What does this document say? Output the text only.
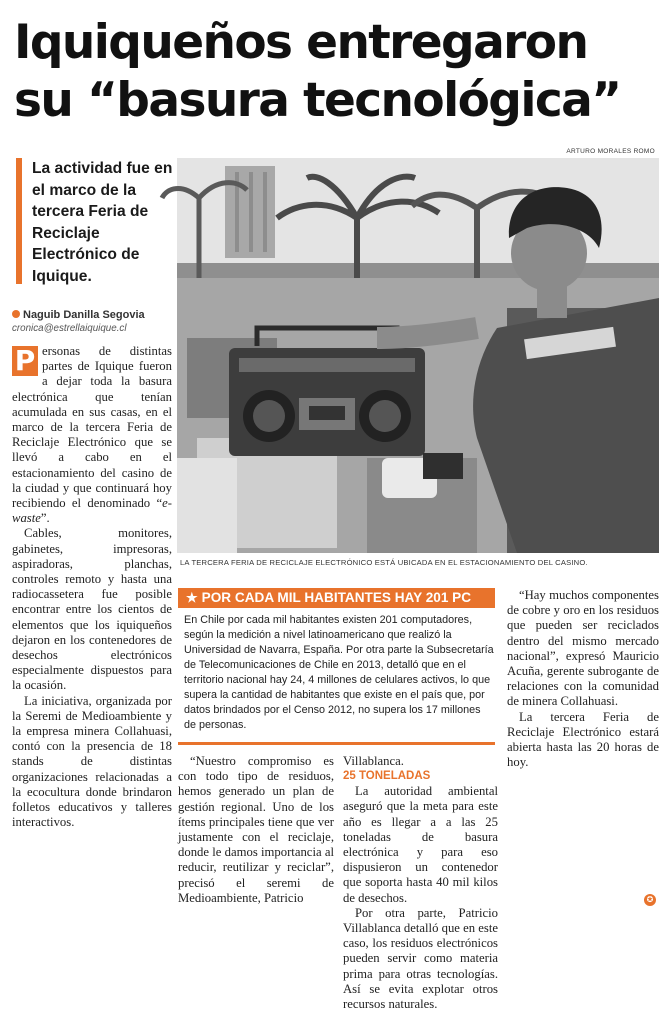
Iquiqueños entregaron
su “basura tecnológica”
ARTURO MORALES ROMO
La actividad fue en el marco de la tercera Feria de Reciclaje Electrónico de Iquique.
Naguib Danilla Segovia
cronica@estrellaiquique.cl

P ersonas de distintas partes de Iquique fueron a dejar toda la basura electrónica que tenían acumulada en sus casas, en el marco de la tercera Feria de Reciclaje Electrónico que se llevó a cabo en el estacionamiento del casino de la ciudad y que continuará hoy recibiendo el denominado “e-waste”.

Cables, monitores, gabinetes, impresoras, aspiradoras, planchas, controles remoto y hasta una radiocassetera fue posible encontrar entre los cientos de elementos que los iquiqueños dejaron en los contenedores de desechos electrónicos especialmente dispuestos para la ocasión.

La iniciativa, organizada por la Seremi de Medioambiente y la empresa minera Collahuasi, contó con la presencia de 18 stands de distintas organizaciones relacionadas a la ecocultura donde brindaron folletos educativos y talleres interactivos.

LA TERCERA FERIA DE RECICLAJE ELECTRÓNICO ESTÁ UBICADA EN EL ESTACIONAMIENTO DEL CASINO.
★ POR CADA MIL HABITANTES HAY 201 PC
En Chile por cada mil habitantes existen 201 computadores, según la medición a nivel latinoamericano que realizó la Universidad de Navarra, España. Por otra parte la Subsecretaría de Telecomunicaciones de Chile en 2013, detalló que en el territorio nacional hay 24, 4 millones de celulares activos, lo que supera la cantidad de habitantes que existe en el país que, por datos brindados por el Censo 2012, no supera los 17 millones de personas.

“Nuestro compromiso es con todo tipo de residuos, hemos generado un plan de gestión regional. Uno de los ítems principales tiene que ver justamente con el reciclaje, donde le damos importancia al reducir, reutilizar y reciclar”, precisó el seremi de Medioambiente, Patricio

Villablanca.

25 TONELADAS

La autoridad ambiental aseguró que la meta para este año es llegar a a las 25 toneladas de basura electrónica y para eso dispusieron un contenedor que soporta hasta 40 mil kilos de desechos.

Por otra parte, Patricio Villablanca detalló que en este caso, los residuos electrónicos pueden servir como materia prima para otras tecnologías. Así se evita explotar otros recursos naturales.

“Hay muchos componentes de cobre y oro en los residuos que pueden ser reciclados dentro del mismo mercado nacional”, expresó Mauricio Acuña, gerente subrogante de relaciones con la comunidad de minera Collahuasi.

La tercera Feria de Reciclaje Electrónico estará abierta hasta las 20 horas de hoy.

✪
